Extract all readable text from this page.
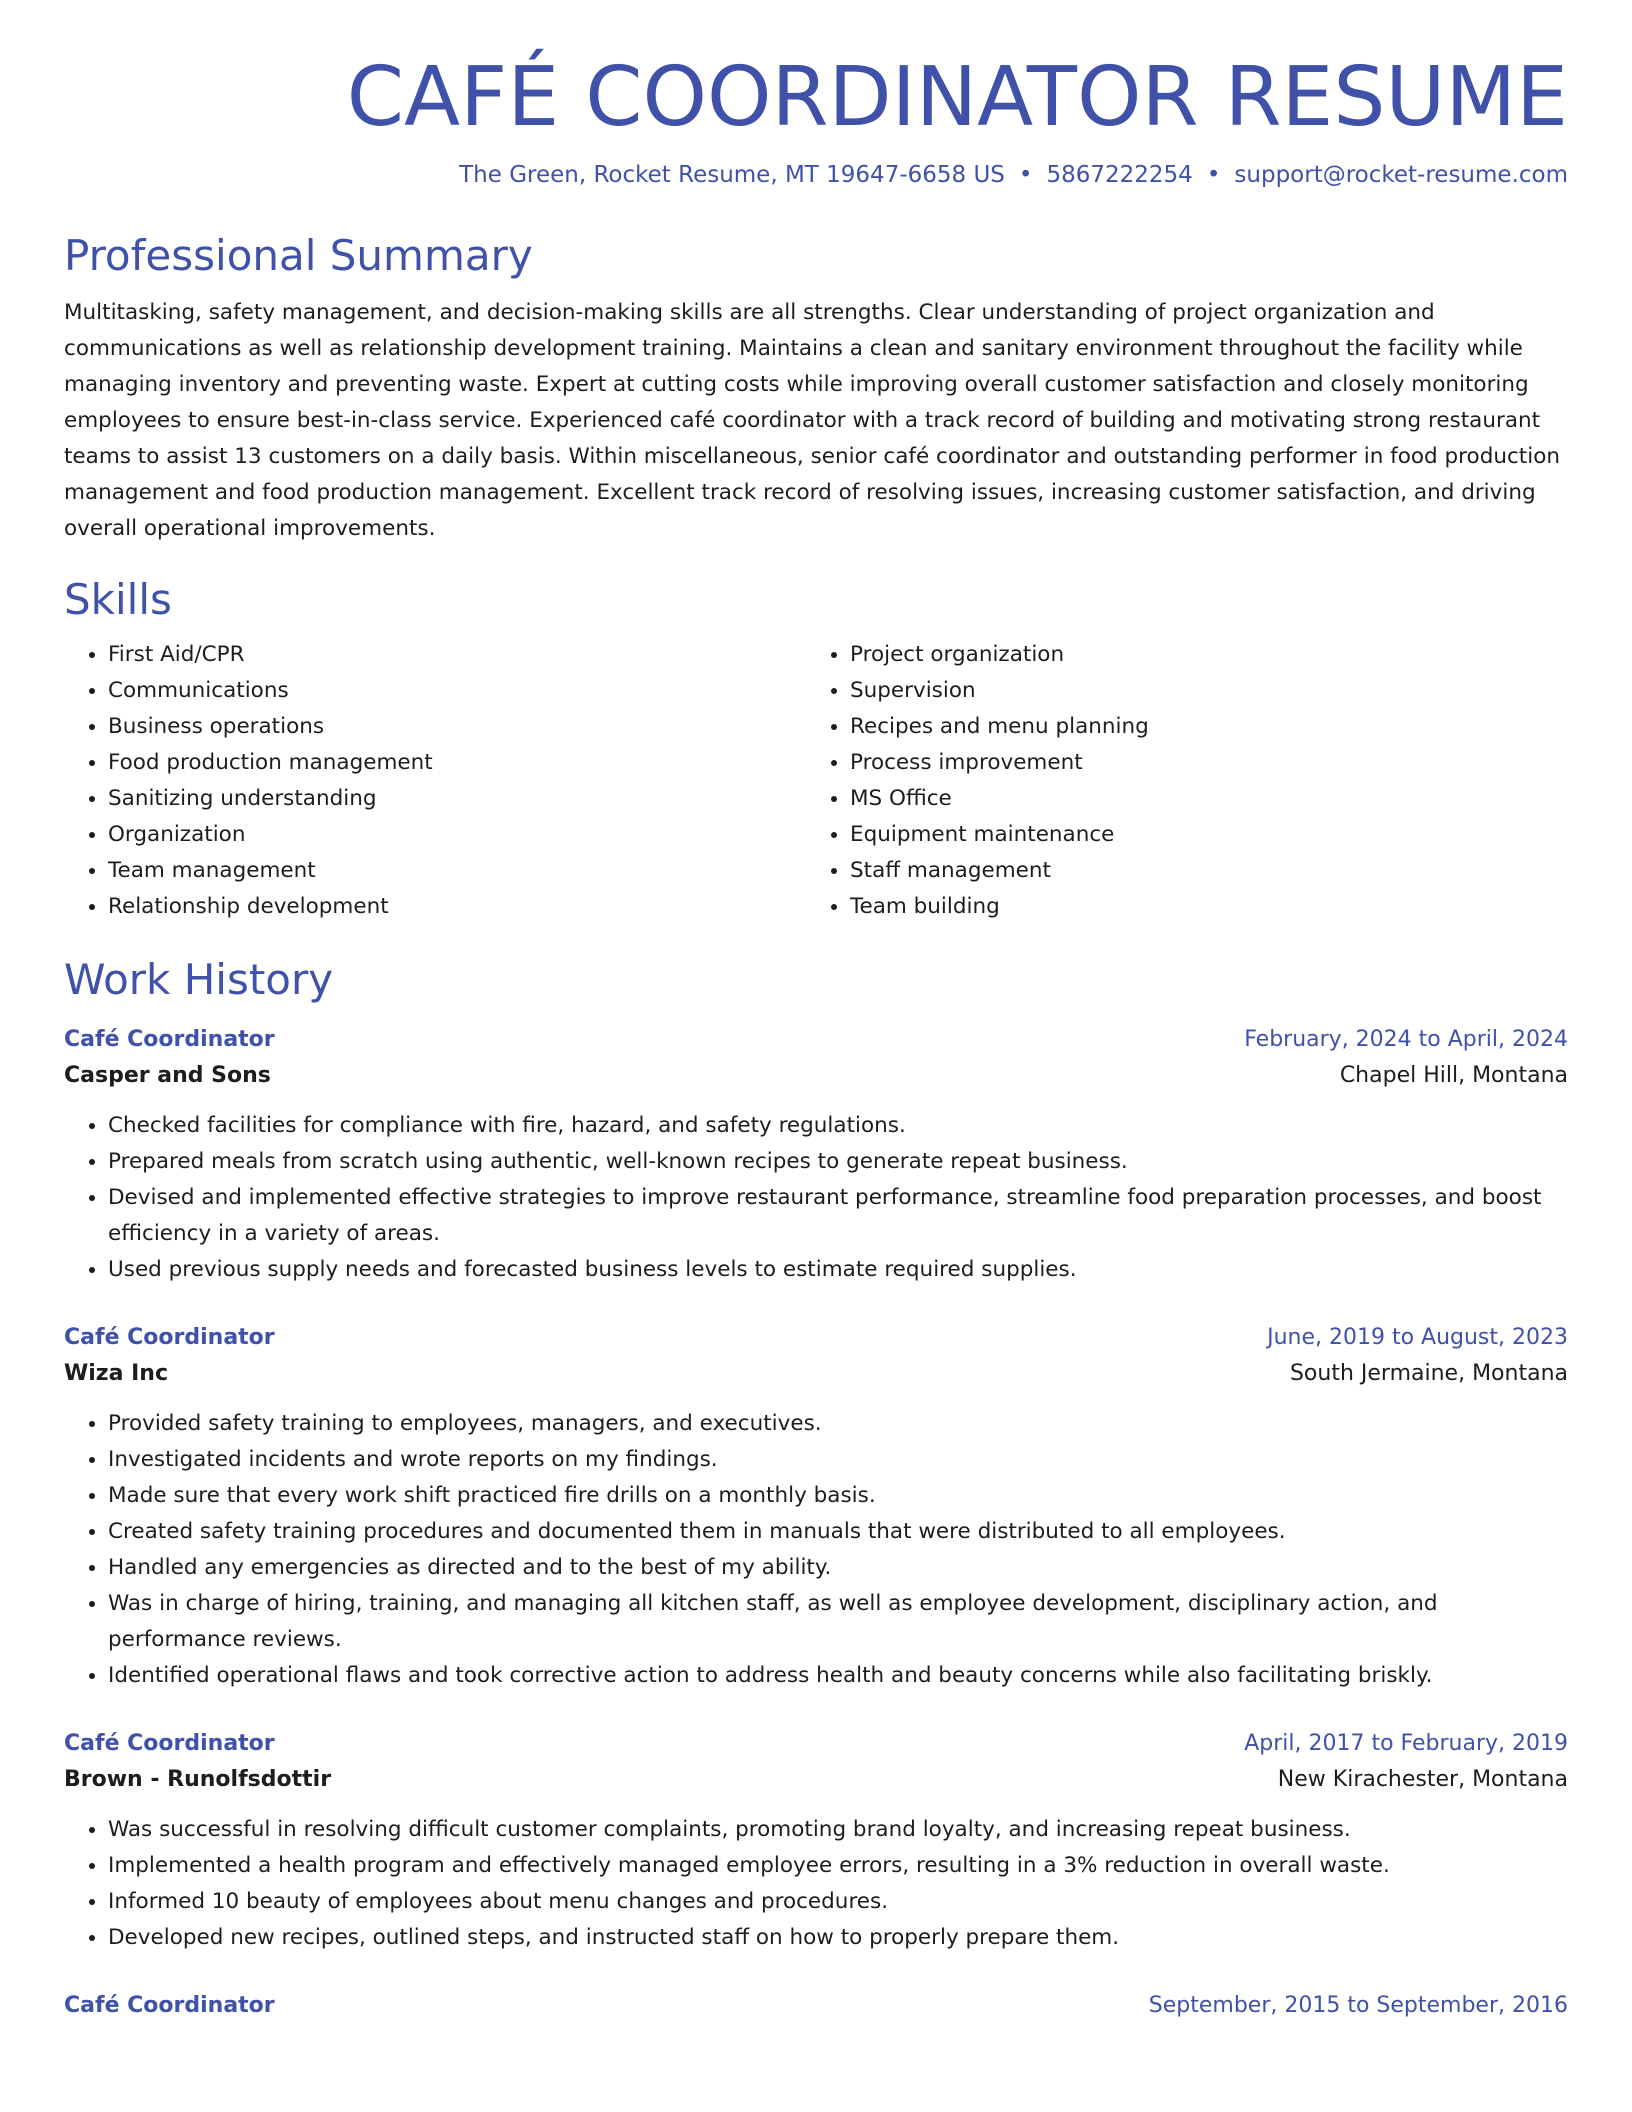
CAFÉ COORDINATOR RESUME
The Green, Rocket Resume, MT 19647-6658 US • 5867222254 • support@rocket-resume.com
Professional Summary

Multitasking, safety management, and decision-making skills are all strengths. Clear understanding of project organization and communications as well as relationship development training. Maintains a clean and sanitary environment throughout the facility while managing inventory and preventing waste. Expert at cutting costs while improving overall customer satisfaction and closely monitoring employees to ensure best-in-class service. Experienced café coordinator with a track record of building and motivating strong restaurant teams to assist 13 customers on a daily basis. Within miscellaneous, senior café coordinator and outstanding performer in food production management and food production management. Excellent track record of resolving issues, increasing customer satisfaction, and driving overall operational improvements.

Skills
• First Aid/CPR
• Communications
• Business operations
• Food production management
• Sanitizing understanding
• Organization
• Team management
• Relationship development
• Project organization
• Supervision
• Recipes and menu planning
• Process improvement
• MS Office
• Equipment maintenance
• Staff management
• Team building
Work History
Café Coordinator	February, 2024 to April, 2024
Casper and Sons	Chapel Hill, Montana
• Checked facilities for compliance with fire, hazard, and safety regulations.
• Prepared meals from scratch using authentic, well-known recipes to generate repeat business.
• Devised and implemented effective strategies to improve restaurant performance, streamline food preparation processes, and boost efficiency in a variety of areas.
• Used previous supply needs and forecasted business levels to estimate required supplies.
Café Coordinator	June, 2019 to August, 2023
Wiza Inc	South Jermaine, Montana
• Provided safety training to employees, managers, and executives.
• Investigated incidents and wrote reports on my findings.
• Made sure that every work shift practiced fire drills on a monthly basis.
• Created safety training procedures and documented them in manuals that were distributed to all employees.
• Handled any emergencies as directed and to the best of my ability.
• Was in charge of hiring, training, and managing all kitchen staff, as well as employee development, disciplinary action, and performance reviews.
• Identified operational flaws and took corrective action to address health and beauty concerns while also facilitating briskly.
Café Coordinator	April, 2017 to February, 2019
Brown - Runolfsdottir	New Kirachester, Montana
• Was successful in resolving difficult customer complaints, promoting brand loyalty, and increasing repeat business.
• Implemented a health program and effectively managed employee errors, resulting in a 3% reduction in overall waste.
• Informed 10 beauty of employees about menu changes and procedures.
• Developed new recipes, outlined steps, and instructed staff on how to properly prepare them.
Café Coordinator	September, 2015 to September, 2016
